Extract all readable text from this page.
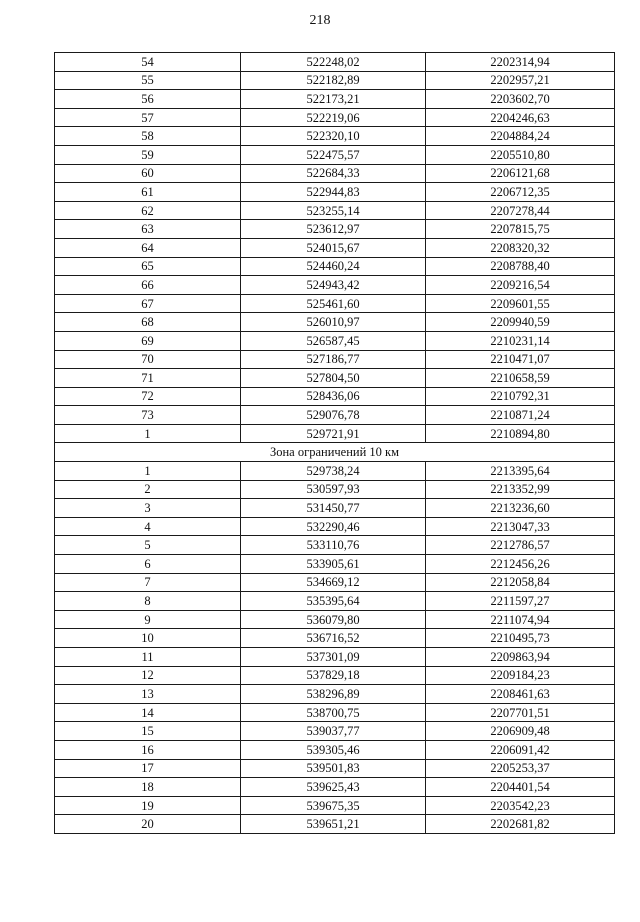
218
54	522248,02	2202314,94
55	522182,89	2202957,21
56	522173,21	2203602,70
57	522219,06	2204246,63
58	522320,10	2204884,24
59	522475,57	2205510,80
60	522684,33	2206121,68
61	522944,83	2206712,35
62	523255,14	2207278,44
63	523612,97	2207815,75
64	524015,67	2208320,32
65	524460,24	2208788,40
66	524943,42	2209216,54
67	525461,60	2209601,55
68	526010,97	2209940,59
69	526587,45	2210231,14
70	527186,77	2210471,07
71	527804,50	2210658,59
72	528436,06	2210792,31
73	529076,78	2210871,24
1	529721,91	2210894,80
Зона ограничений 10 км		
1	529738,24	2213395,64
2	530597,93	2213352,99
3	531450,77	2213236,60
4	532290,46	2213047,33
5	533110,76	2212786,57
6	533905,61	2212456,26
7	534669,12	2212058,84
8	535395,64	2211597,27
9	536079,80	2211074,94
10	536716,52	2210495,73
11	537301,09	2209863,94
12	537829,18	2209184,23
13	538296,89	2208461,63
14	538700,75	2207701,51
15	539037,77	2206909,48
16	539305,46	2206091,42
17	539501,83	2205253,37
18	539625,43	2204401,54
19	539675,35	2203542,23
20	539651,21	2202681,82
